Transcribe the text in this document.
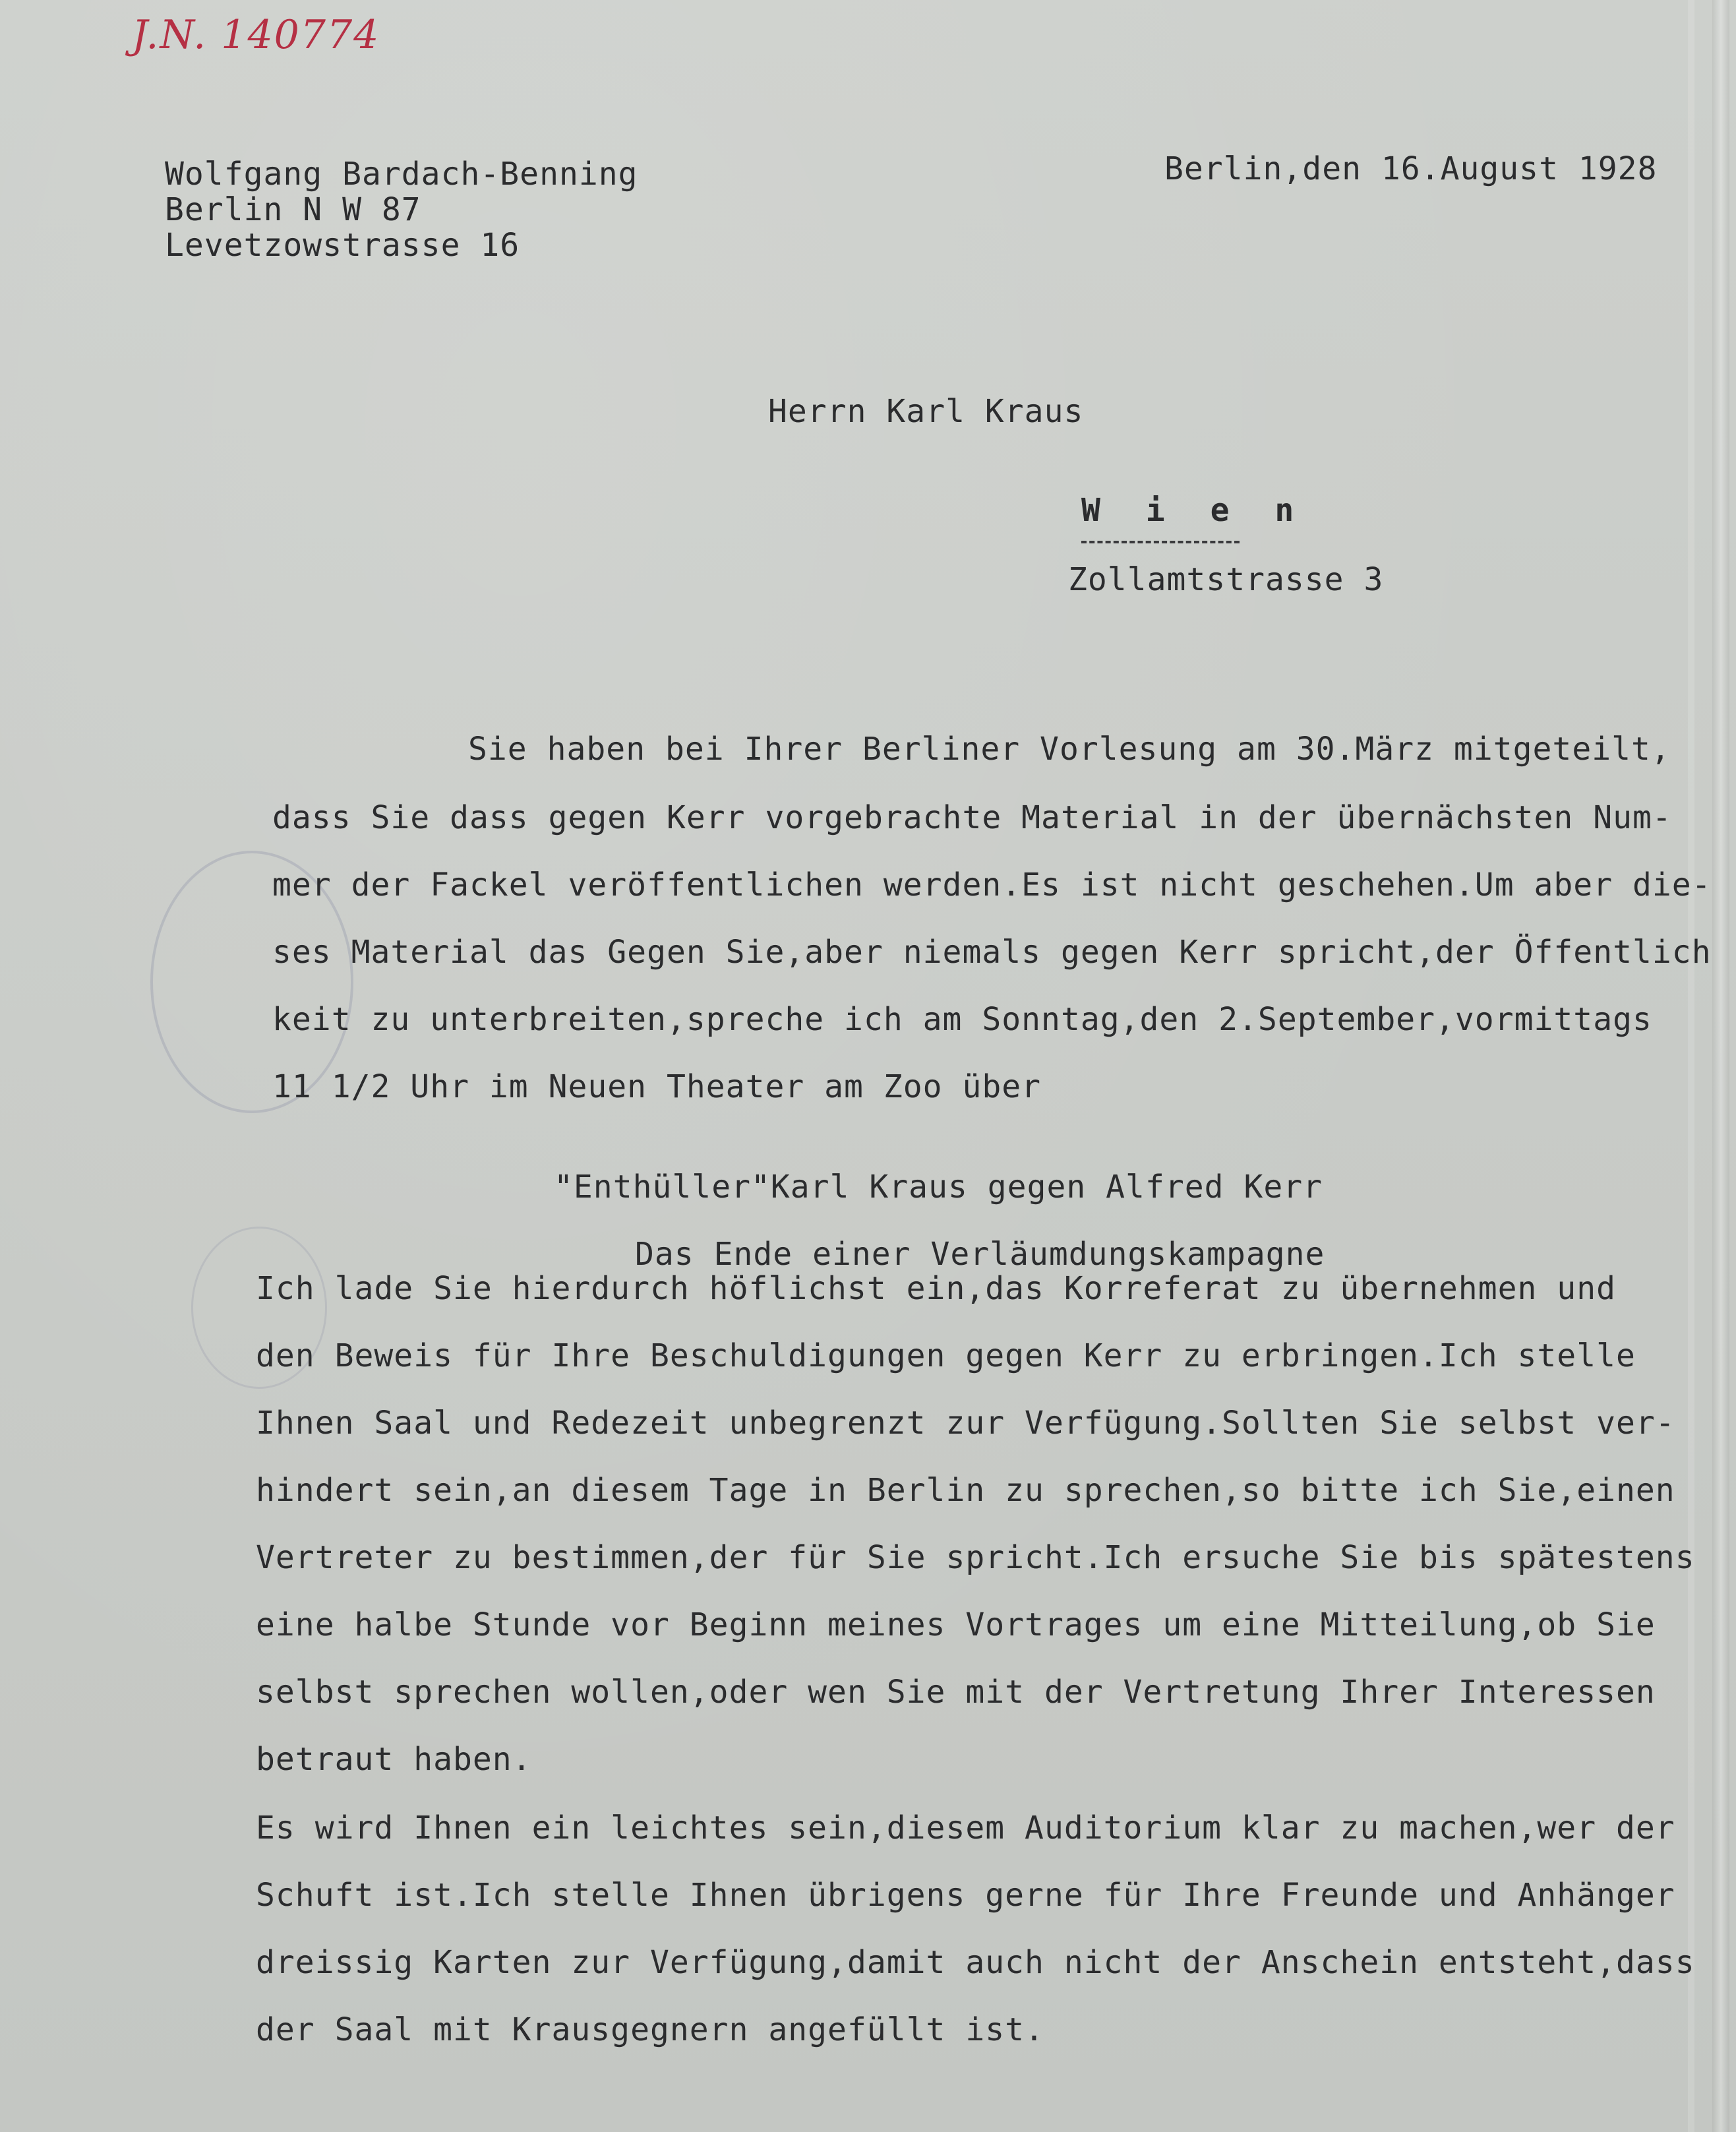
J.N. 140774
Wolfgang Bardach-Benning
Berlin N W 87
Levetzowstrasse 16
Berlin,den 16.August 1928
Herrn Karl Kraus
W i e n
Zollamtstrasse 3
Sie haben bei Ihrer Berliner Vorlesung am 30.März mitgeteilt,
dass Sie dass gegen Kerr vorgebrachte Material in der übernächsten Num-
mer der Fackel veröffentlichen werden.Es ist nicht geschehen.Um aber die-
ses Material das Gegen Sie,aber niemals gegen Kerr spricht,der Öffentlich
keit zu unterbreiten,spreche ich am Sonntag,den 2.September,vormittags
11 1/2 Uhr im Neuen Theater am Zoo über
"Enthüller"Karl Kraus gegen Alfred Kerr
Das Ende einer Verläumdungskampagne
Ich lade Sie hierdurch höflichst ein,das Korreferat zu übernehmen und
den Beweis für Ihre Beschuldigungen gegen Kerr zu erbringen.Ich stelle
Ihnen Saal und Redezeit unbegrenzt zur Verfügung.Sollten Sie selbst ver-
hindert sein,an diesem Tage in Berlin zu sprechen,so bitte ich Sie,einen
Vertreter zu bestimmen,der für Sie spricht.Ich ersuche Sie bis spätestens
eine halbe Stunde vor Beginn meines Vortrages um eine Mitteilung,ob Sie
selbst sprechen wollen,oder wen Sie mit der Vertretung Ihrer Interessen
betraut haben.
Es wird Ihnen ein leichtes sein,diesem Auditorium klar zu machen,wer der
Schuft ist.Ich stelle Ihnen übrigens gerne für Ihre Freunde und Anhänger
dreissig Karten zur Verfügung,damit auch nicht der Anschein entsteht,dass
der Saal mit Krausgegnern angefüllt ist.
